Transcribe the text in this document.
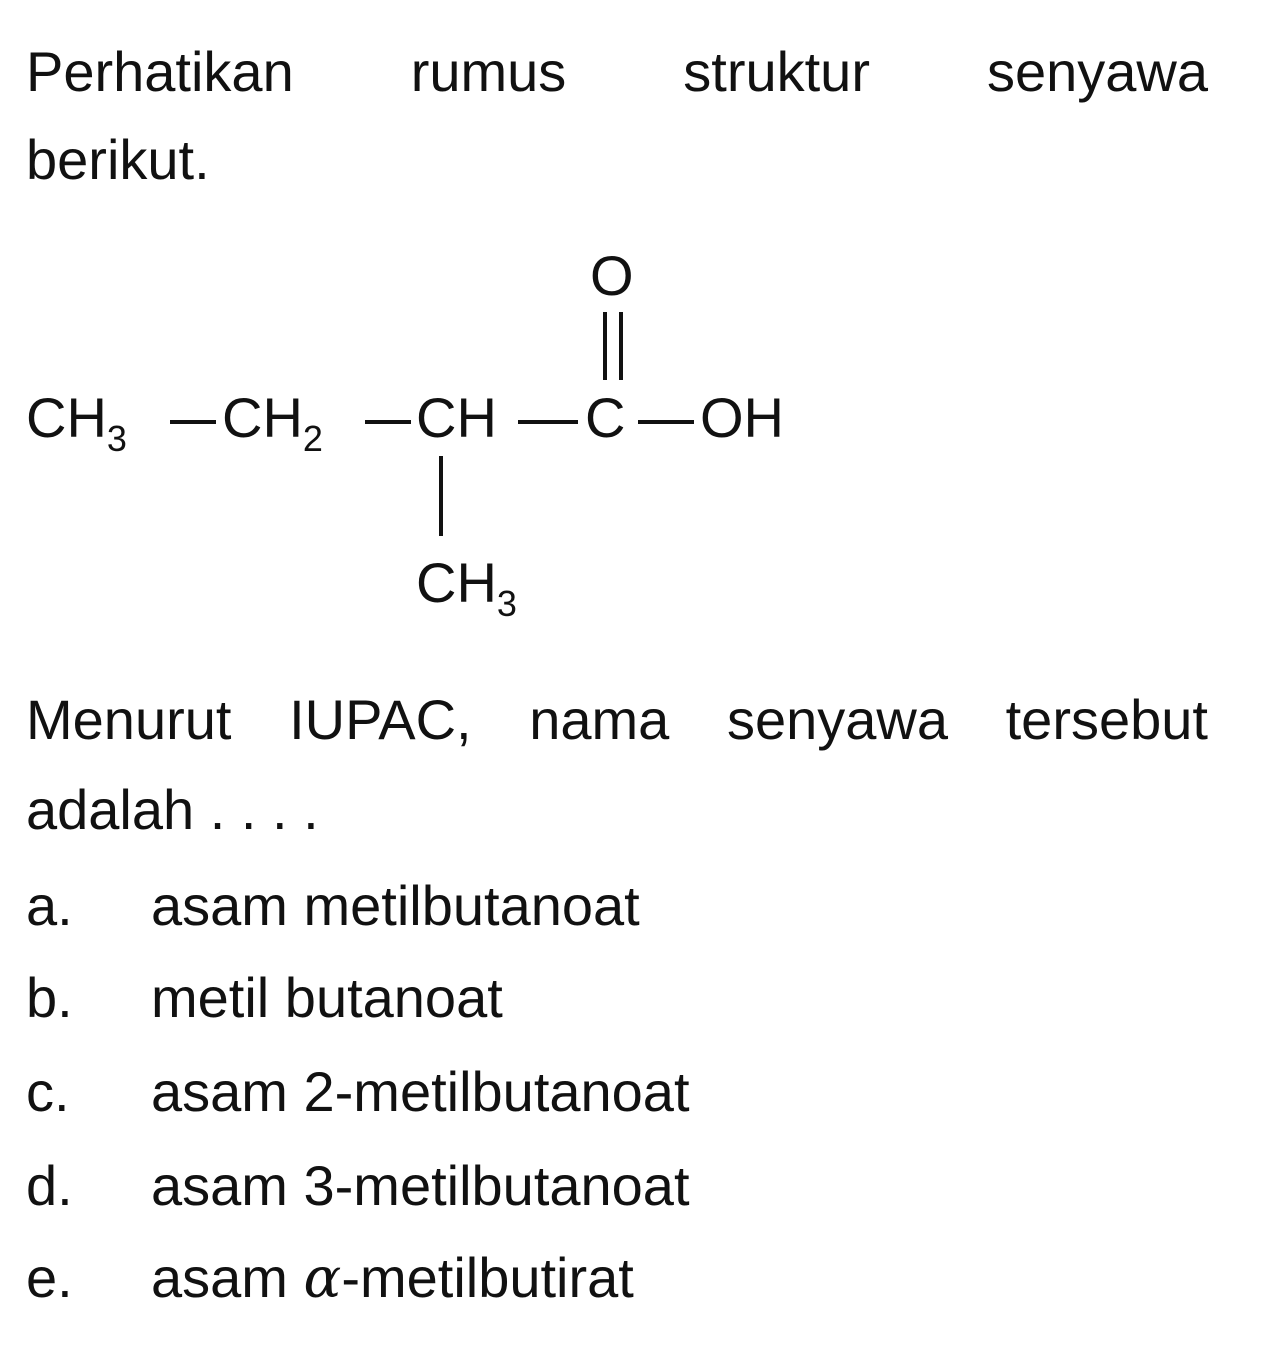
Perhatikan rumus struktur senyawa
berikut.
$CH_3$ $CH_2$ CH C OH
O
$CH_3$
Menurut IUPAC, nama senyawa tersebut
adalah . . . .
a. asam metilbutanoat
b. metil butanoat
c. asam 2-metilbutanoat
d. asam 3-metilbutanoat
e. asam α-metilbutirat
